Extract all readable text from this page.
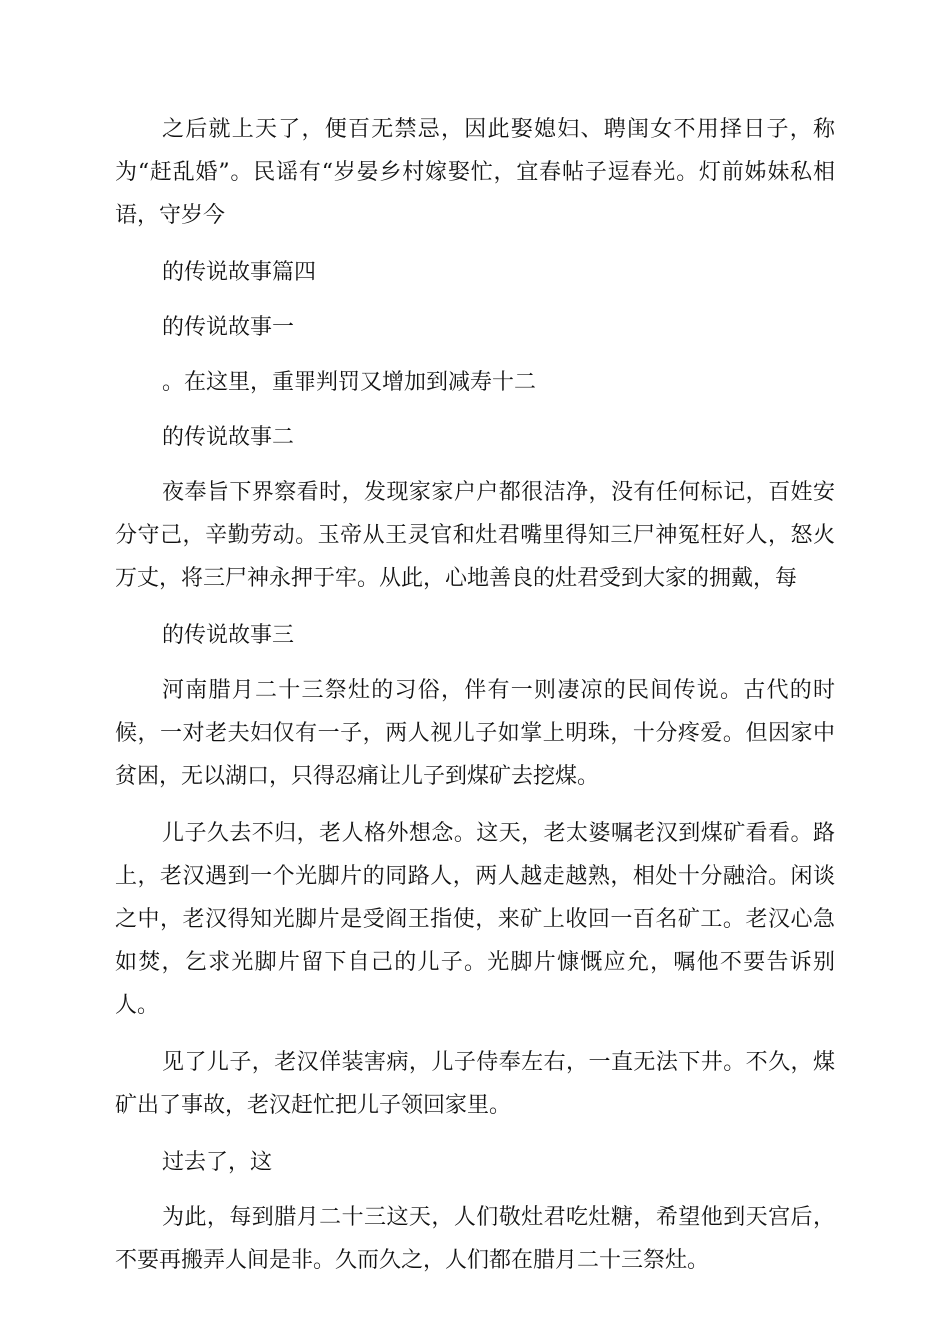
之后就上天了，便百无禁忌，因此娶媳妇、聘闺女不用择日子，称为“赶乱婚”。民谣有“岁晏乡村嫁娶忙，宜春帖子逗春光。灯前姊妹私相语，守岁今

的传说故事篇四

的传说故事一

。在这里，重罪判罚又增加到减寿十二

的传说故事二

夜奉旨下界察看时，发现家家户户都很洁净，没有任何标记，百姓安分守己，辛勤劳动。玉帝从王灵官和灶君嘴里得知三尸神冤枉好人，怒火万丈，将三尸神永押于牢。从此，心地善良的灶君受到大家的拥戴，每

的传说故事三

河南腊月二十三祭灶的习俗，伴有一则凄凉的民间传说。古代的时候，一对老夫妇仅有一子，两人视儿子如掌上明珠，十分疼爱。但因家中贫困，无以湖口，只得忍痛让儿子到煤矿去挖煤。

儿子久去不归，老人格外想念。这天，老太婆嘱老汉到煤矿看看。路上，老汉遇到一个光脚片的同路人，两人越走越熟，相处十分融洽。闲谈之中，老汉得知光脚片是受阎王指使，来矿上收回一百名矿工。老汉心急如焚，乞求光脚片留下自己的儿子。光脚片慷慨应允，嘱他不要告诉别人。

见了儿子，老汉佯装害病，儿子侍奉左右，一直无法下井。不久，煤矿出了事故，老汉赶忙把儿子领回家里。

过去了，这

为此，每到腊月二十三这天，人们敬灶君吃灶糖，希望他到天宫后，不要再搬弄人间是非。久而久之，人们都在腊月二十三祭灶。
